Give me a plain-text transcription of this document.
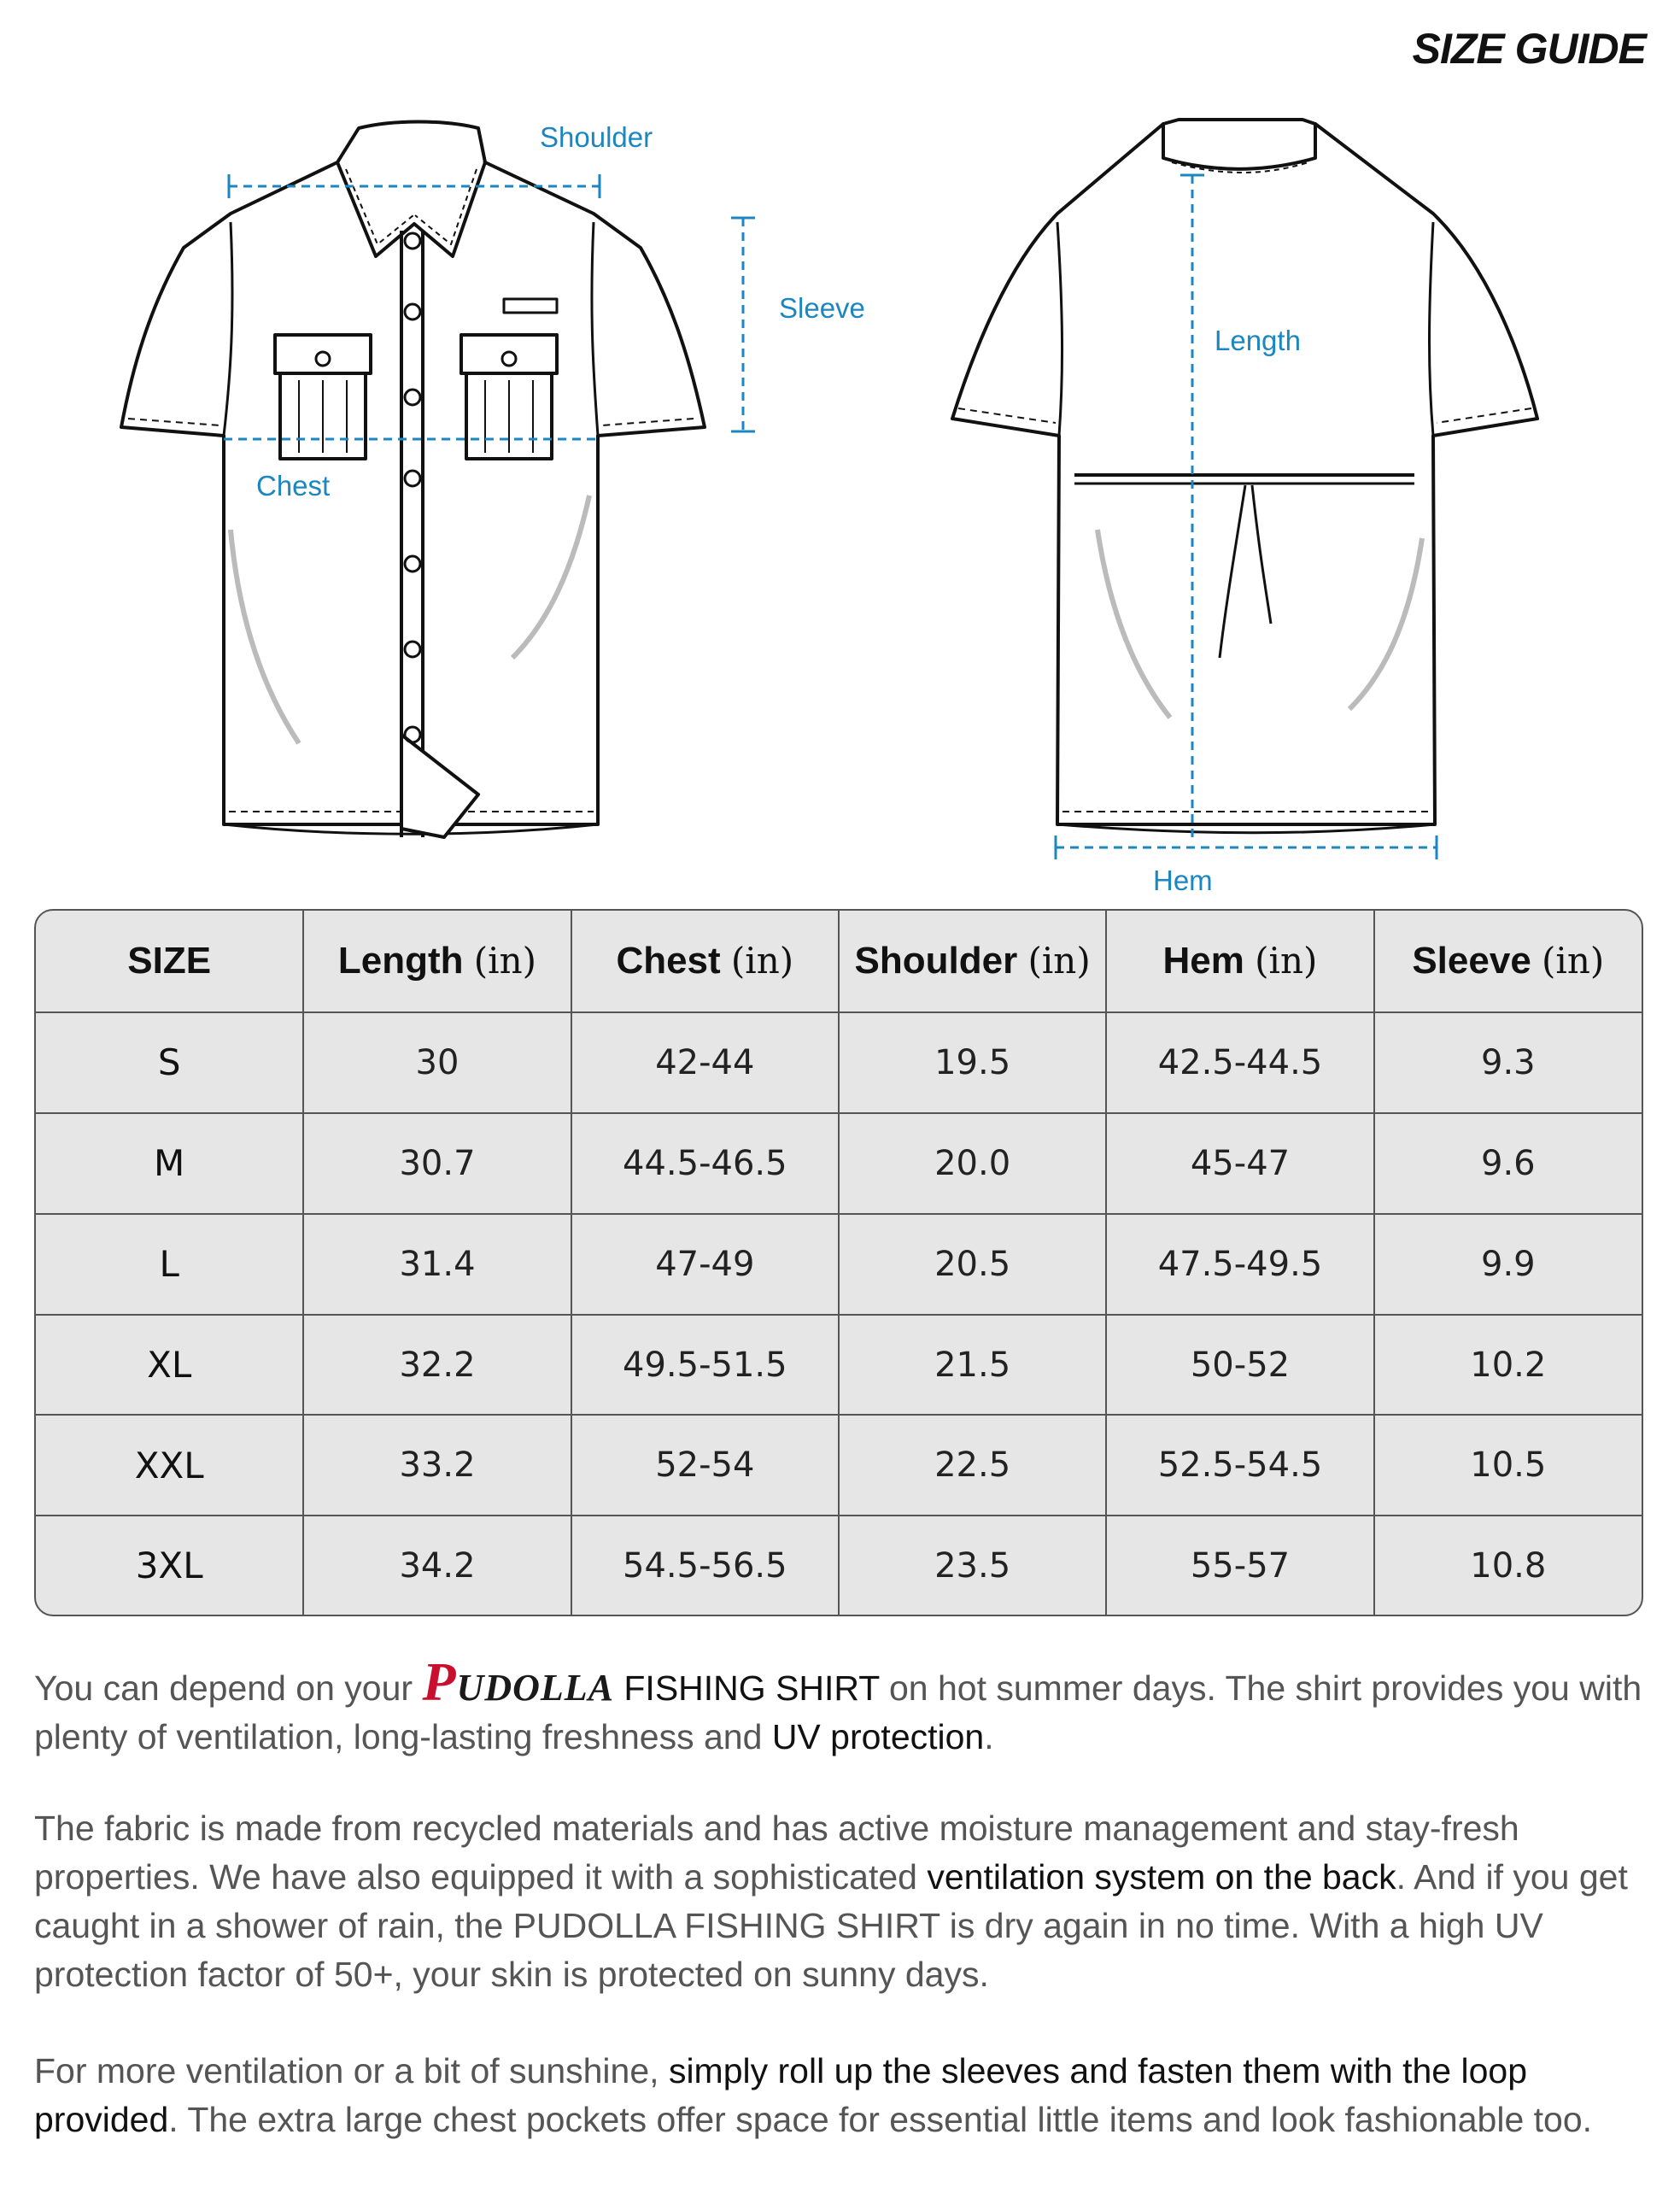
SIZE GUIDE
Shoulder
Sleeve
Chest
Length
Hem
SIZE	Length (in)	Chest (in)	Shoulder (in)	Hem (in)	Sleeve (in)
S	30	42-44	19.5	42.5-44.5	9.3
M	30.7	44.5-46.5	20.0	45-47	9.6
L	31.4	47-49	20.5	47.5-49.5	9.9
XL	32.2	49.5-51.5	21.5	50-52	10.2
XXL	33.2	52-54	22.5	52.5-54.5	10.5
3XL	34.2	54.5-56.5	23.5	55-57	10.8
You can depend on your PUDOLLA FISHING SHIRT on hot summer days. The shirt provides you with plenty of ventilation, long-lasting freshness and UV protection.
The fabric is made from recycled materials and has active moisture management and stay-fresh properties. We have also equipped it with a sophisticated ventilation system on the back. And if you get caught in a shower of rain, the PUDOLLA FISHING SHIRT is dry again in no time. With a high UV protection factor of 50+, your skin is protected on sunny days.
For more ventilation or a bit of sunshine, simply roll up the sleeves and fasten them with the loop provided. The extra large chest pockets offer space for essential little items and look fashionable too.
